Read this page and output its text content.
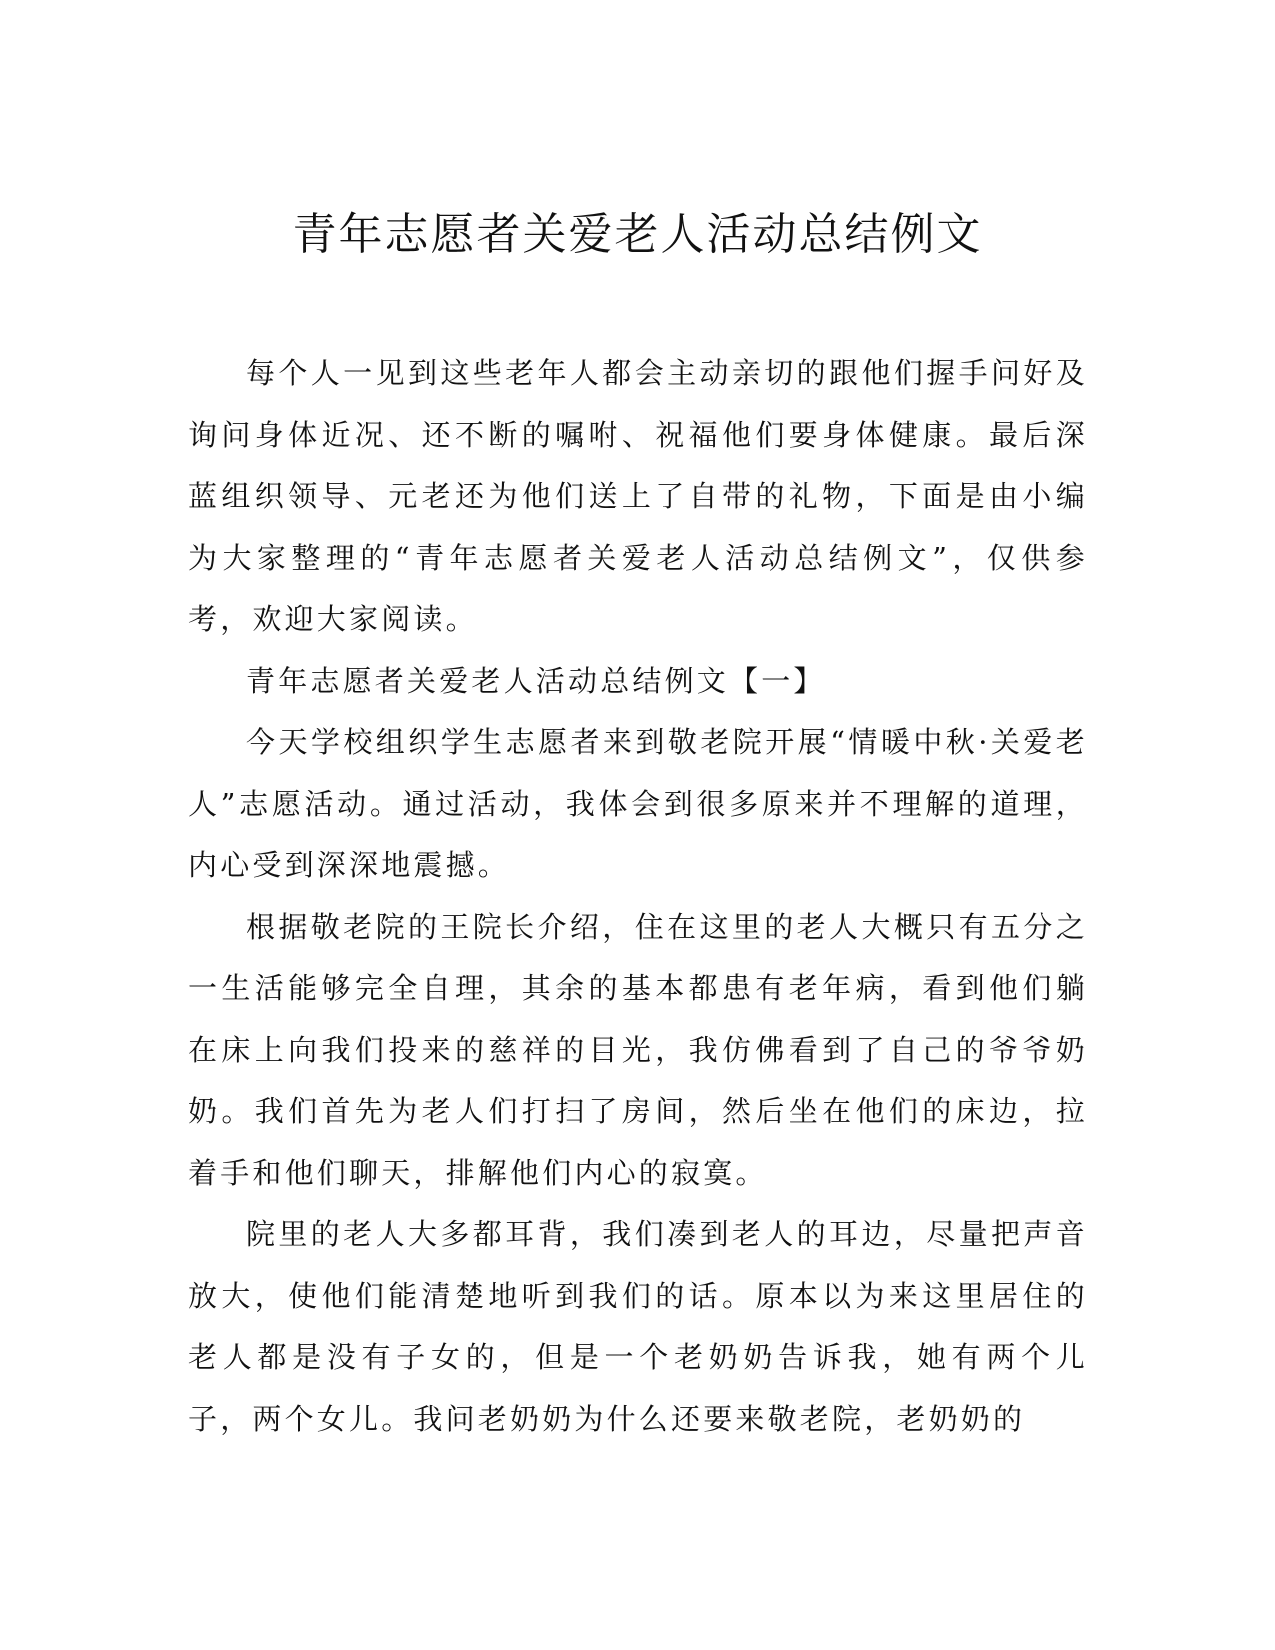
青年志愿者关爱老人活动总结例文

每个人一见到这些老年人都会主动亲切的跟他们握手问好及询问身体近况、还不断的嘱咐、祝福他们要身体健康。最后深蓝组织领导、元老还为他们送上了自带的礼物，下面是由小编为大家整理的“青年志愿者关爱老人活动总结例文”，仅供参考，欢迎大家阅读。

青年志愿者关爱老人活动总结例文【一】

今天学校组织学生志愿者来到敬老院开展“情暖中秋·关爱老人”志愿活动。通过活动，我体会到很多原来并不理解的道理，内心受到深深地震撼。

根据敬老院的王院长介绍，住在这里的老人大概只有五分之一生活能够完全自理，其余的基本都患有老年病，看到他们躺在床上向我们投来的慈祥的目光，我仿佛看到了自己的爷爷奶奶。我们首先为老人们打扫了房间，然后坐在他们的床边，拉着手和他们聊天，排解他们内心的寂寞。

院里的老人大多都耳背，我们凑到老人的耳边，尽量把声音放大，使他们能清楚地听到我们的话。原本以为来这里居住的老人都是没有子女的，但是一个老奶奶告诉我，她有两个儿子，两个女儿。我问老奶奶为什么还要来敬老院，老奶奶的
